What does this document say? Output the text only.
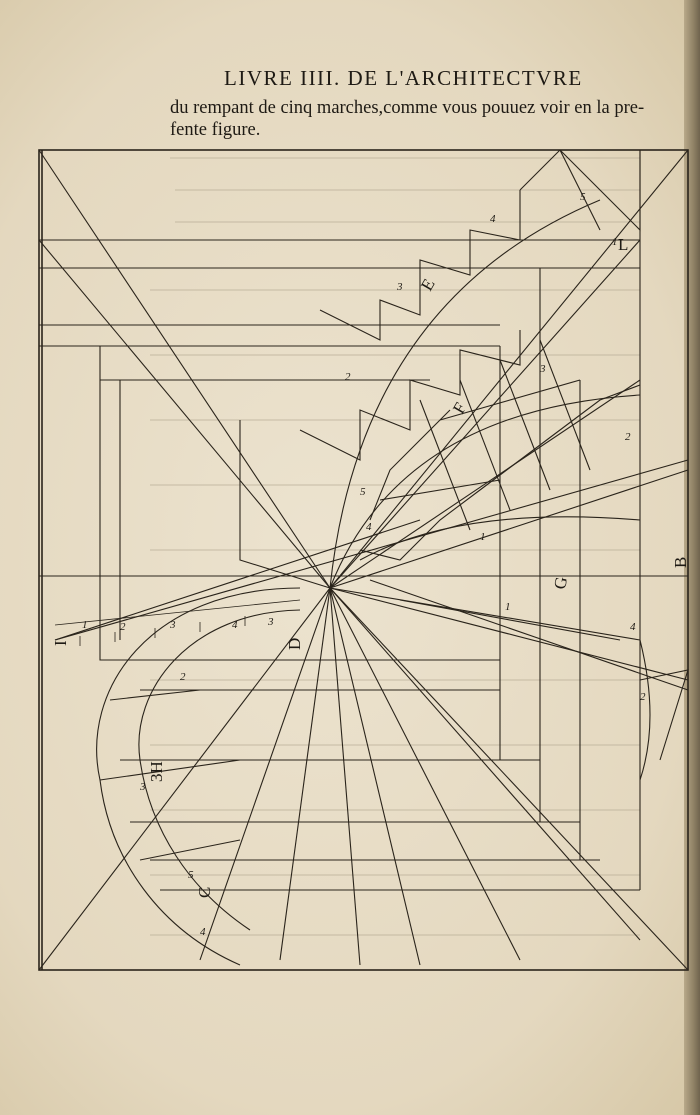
LIVRE IIII. DE L'ARCHITECTVRE
du rempant de cinq marches,comme vous pouuez voir en la pre-
fente figure.
L
E
F
G
D
3H
C
I
B
5
4
3
2
1
5
4
3
2
1
4
3
2
1	4	3
2
5
4
3
2
1
